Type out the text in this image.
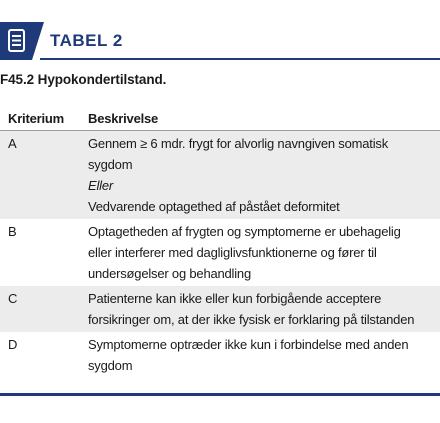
TABEL 2
F45.2 Hypokondertilstand.
Kriterium	Beskrivelse
A	Gennem ≥ 6 mdr. frygt for alvorlig navngiven somatisk
sygdom
Eller
Vedvarende optagethed af påstået deformitet
B	Optagetheden af frygten og symptomerne er ubehagelig
eller interferer med dagliglivsfunktionerne og fører til
undersøgelser og behandling
C	Patienterne kan ikke eller kun forbigående acceptere
forsikringer om, at der ikke fysisk er forklaring på tilstanden
D	Symptomerne optræder ikke kun i forbindelse med anden
sygdom
